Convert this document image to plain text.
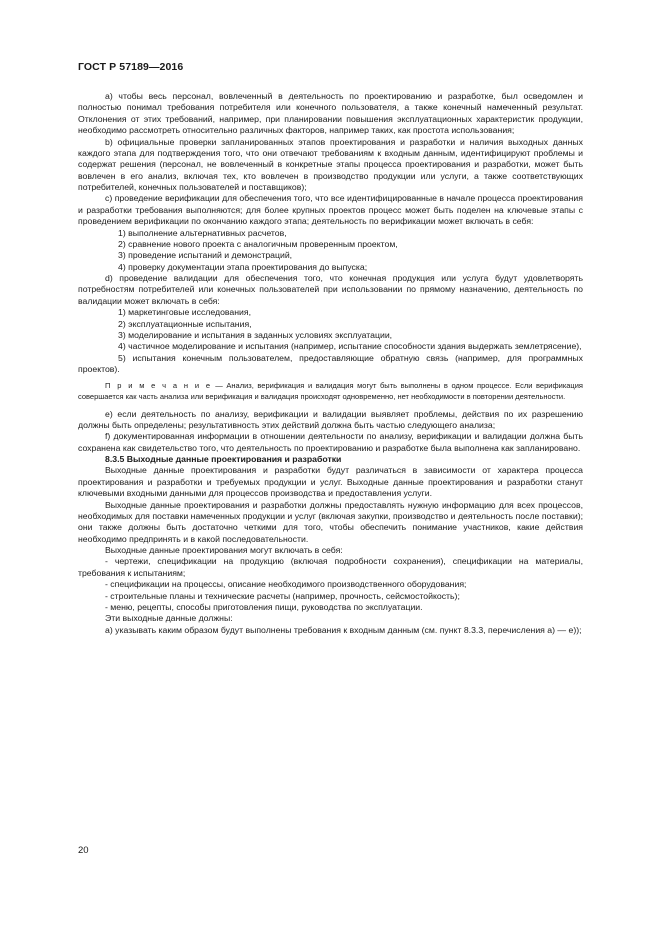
ГОСТ Р 57189—2016

a) чтобы весь персонал, вовлеченный в деятельность по проектированию и разработке, был осведомлен и полностью понимал требования потребителя или конечного пользователя, а также конечный намеченный результат. Отклонения от этих требований, например, при планировании повышения эксплуатационных характеристик продукции, необходимо рассмотреть относительно различных факторов, например таких, как простота использования;

b) официальные проверки запланированных этапов проектирования и разработки и наличия выходных данных каждого этапа для подтверждения того, что они отвечают требованиям к входным данным, идентифицируют проблемы и содержат решения (персонал, не вовлеченный в конкретные этапы процесса проектирования и разработки, может быть вовлечен в его анализ, включая тех, кто вовлечен в производство продукции или услуги, а также соответствующих потребителей, конечных пользователей и поставщиков);

c) проведение верификации для обеспечения того, что все идентифицированные в начале процесса проектирования и разработки требования выполняются; для более крупных проектов процесс может быть поделен на ключевые этапы с проведением верификации по окончанию каждого этапа; деятельность по верификации может включать в себя:

1) выполнение альтернативных расчетов,

2) сравнение нового проекта с аналогичным проверенным проектом,

3) проведение испытаний и демонстраций,

4) проверку документации этапа проектирования до выпуска;

d) проведение валидации для обеспечения того, что конечная продукция или услуга будут удовлетворять потребностям потребителей или конечных пользователей при использовании по прямому назначению, деятельность по валидации может включать в себя:

1) маркетинговые исследования,

2) эксплуатационные испытания,

3) моделирование и испытания в заданных условиях эксплуатации,

4) частичное моделирование и испытания (например, испытание способности здания выдержать землетрясение),

5) испытания конечным пользователем, предоставляющие обратную связь (например, для программных проектов).

П р и м е ч а н и е — Анализ, верификация и валидация могут быть выполнены в одном процессе. Если верификация совершается как часть анализа или верификация и валидация происходят одновременно, нет необходимости в повторении деятельности.

e) если деятельность по анализу, верификации и валидации выявляет проблемы, действия по их разрешению должны быть определены; результативность этих действий должна быть частью следующего анализа;

f) документированная информации в отношении деятельности по анализу, верификации и валидации должна быть сохранена как свидетельство того, что деятельность по проектированию и разработке была выполнена как запланировано.

8.3.5 Выходные данные проектирования и разработки

Выходные данные проектирования и разработки будут различаться в зависимости от характера процесса проектирования и разработки и требуемых продукции и услуг. Выходные данные проектирования и разработки станут ключевыми входными данными для процессов производства и предоставления услуги.

Выходные данные проектирования и разработки должны предоставлять нужную информацию для всех процессов, необходимых для поставки намеченных продукции и услуг (включая закупки, производство и деятельность после поставки); они также должны быть достаточно четкими для того, чтобы обеспечить понимание участников, какие действия необходимо предпринять и в какой последовательности.

Выходные данные проектирования могут включать в себя:

- чертежи, спецификации на продукцию (включая подробности сохранения), спецификации на материалы, требования к испытаниям;

- спецификации на процессы, описание необходимого производственного оборудования;

- строительные планы и технические расчеты (например, прочность, сейсмостойкость);

- меню, рецепты, способы приготовления пищи, руководства по эксплуатации.

Эти выходные данные должны:

a) указывать каким образом будут выполнены требования к входным данным (см. пункт 8.3.3, перечисления a) — e));

20
